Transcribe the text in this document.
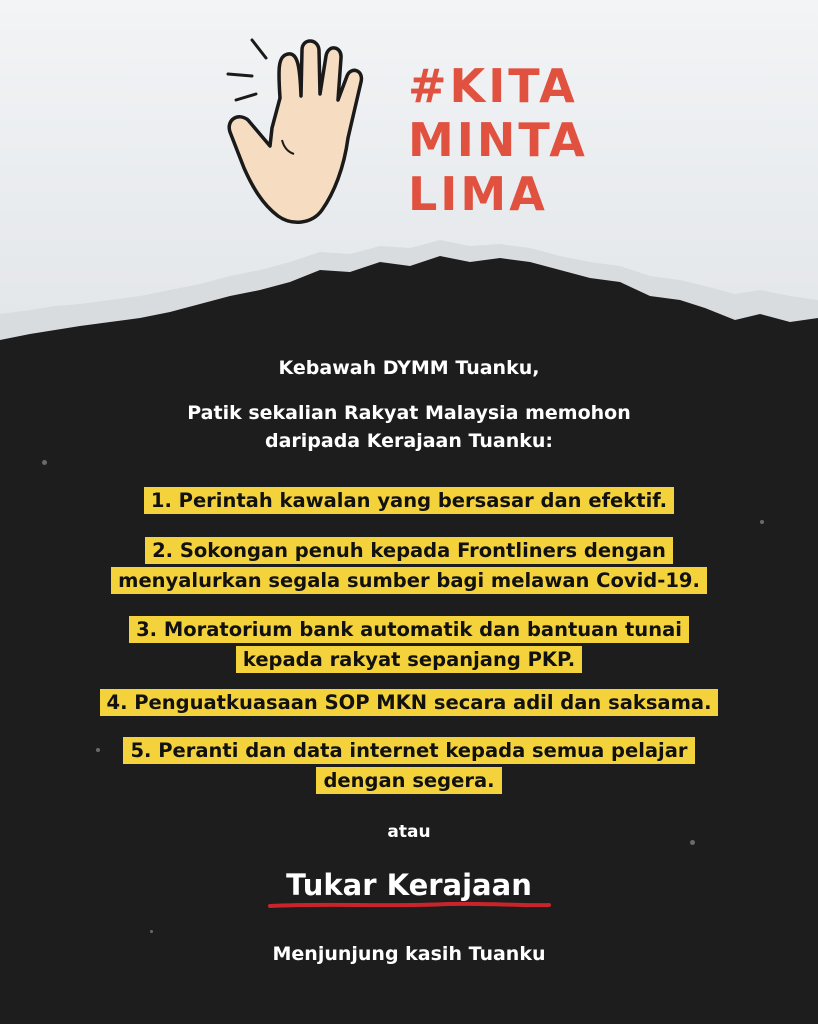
#KITA
MINTA
LIMA
Kebawah DYMM Tuanku,
Patik sekalian Rakyat Malaysia memohon
daripada Kerajaan Tuanku:
1. Perintah kawalan yang bersasar dan efektif.
2. Sokongan penuh kepada Frontliners dengan
menyalurkan segala sumber bagi melawan Covid-19.
3. Moratorium bank automatik dan bantuan tunai
kepada rakyat sepanjang PKP.
4. Penguatkuasaan SOP MKN secara adil dan saksama.
5. Peranti dan data internet kepada semua pelajar
dengan segera.
atau
Tukar Kerajaan
Menjunjung kasih Tuanku
